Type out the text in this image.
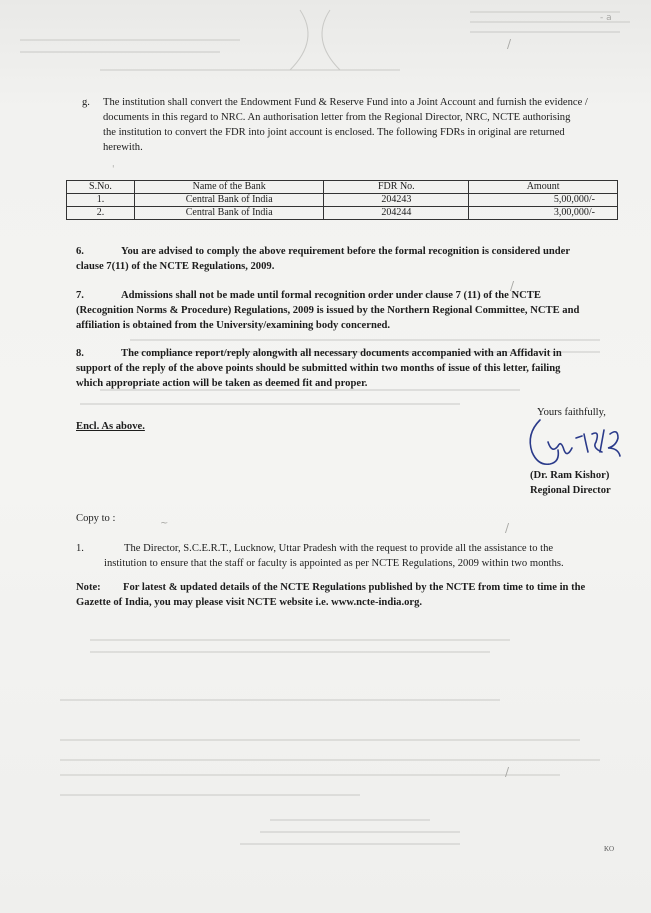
- a
/
'
/
/
/
~
g. The institution shall convert the Endowment Fund & Reserve Fund into a Joint Account and furnish the evidence /
documents in this regard to NRC. An authorisation letter from the Regional Director, NRC, NCTE authorising
the institution to convert the FDR into joint account is enclosed. The following FDRs in original are returned
herewith.
S.No.	Name of the Bank	FDR No.	Amount
1.	Central Bank of India	204243	5,00,000/-
2.	Central Bank of India	204244	3,00,000/-
6.	You are advised to comply the above requirement before the formal recognition is considered under
clause 7(11) of the NCTE Regulations, 2009.
7.	Admissions shall not be made until formal recognition order under clause 7 (11) of the NCTE
(Recognition Norms & Procedure) Regulations, 2009 is issued by the Northern Regional Committee, NCTE and
affiliation is obtained from the University/examining body concerned.
8.	The compliance report/reply alongwith all necessary documents accompanied with an Affidavit in
support of the reply of the above points should be submitted within two months of issue of this letter, failing
which appropriate action will be taken as deemed fit and proper.
Yours faithfully,
Encl. As above.
9/4/13
(Dr. Ram Kishor)
Regional Director
Copy to :
1.	The Director, S.C.E.R.T., Lucknow, Uttar Pradesh with the request to provide all the assistance to the
institution to ensure that the staff or faculty is appointed as per NCTE Regulations, 2009 within two months.
Note:	For latest & updated details of the NCTE Regulations published by the NCTE from time to time in the
Gazette of India, you may please visit NCTE website i.e. www.ncte-india.org.
KO
